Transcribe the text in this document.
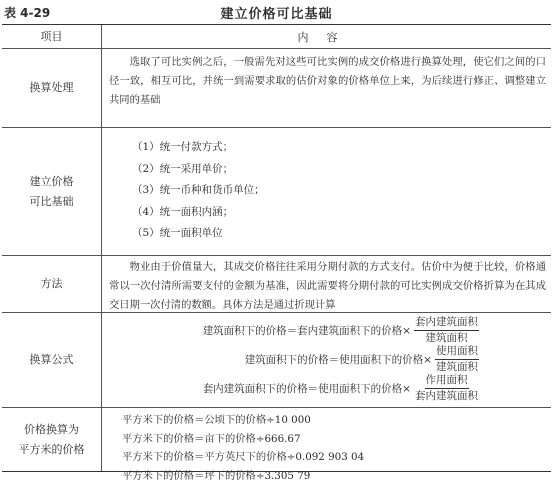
表 4-29	建立价格可比基础
项目	内容
换算处理
选取了可比实例之后，一般需先对这些可比实例的成交价格进行换算处理，使它们之间的口径一致，相互可比，并统一到需要求取的估价对象的价格单位上来，为后续进行修正、调整建立共同的基础
建立价格
可比基础
（1）统一付款方式；
（2）统一采用单价；
（3）统一币种和货币单位；
（4）统一面积内涵；
（5）统一面积单位
方法
物业由于价值量大，其成交价格往往采用分期付款的方式支付。估价中为便于比较，价格通常以一次付清所需要支付的金额为基准，因此需要将分期付款的可比实例成交价格折算为在其成交日期一次付清的数额。具体方法是通过折现计算
换算公式
建筑面积下的价格＝套内建筑面积下的价格× $\frac{\text{套内建筑面积}}{\text{建筑面积}}$
建筑面积下的价格＝使用面积下的价格× $\frac{\text{使用面积}}{\text{建筑面积}}$
套内建筑面积下的价格＝使用面积下的价格× $\frac{\text{作用面积}}{\text{套内建筑面积}}$
价格换算为
平方米的价格
平方米下的价格＝公顷下的价格÷10 000
平方米下的价格＝亩下的价格÷666.67
平方米下的价格＝平方英尺下的价格÷0.092 903 04
平方米下的价格＝坪下的价格÷3.305 79
